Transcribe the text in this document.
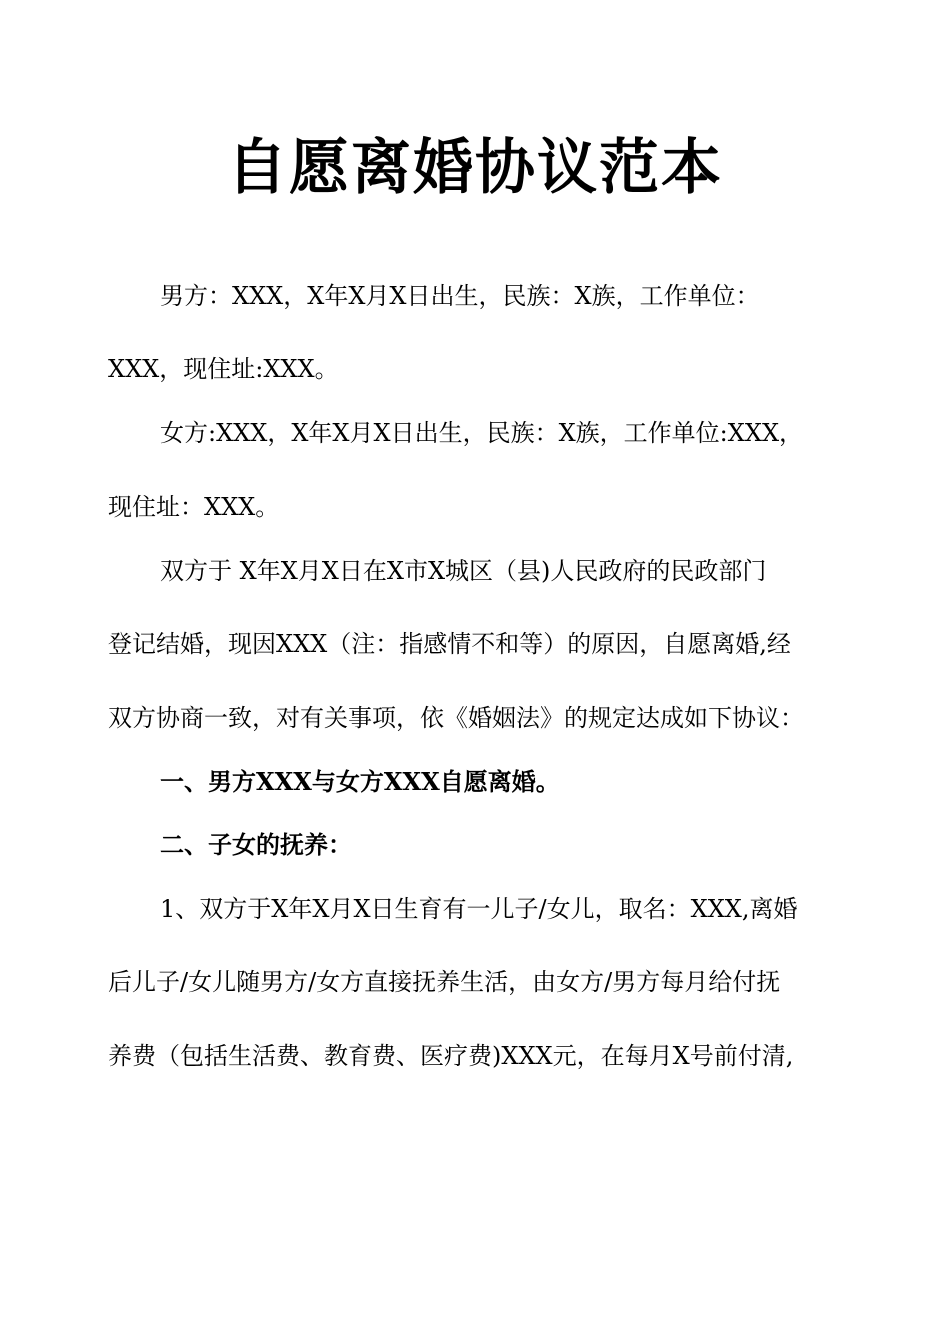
自愿离婚协议范本

男方：XXX，X年X月X日出生，民族：X族，工作单位：

XXX，现住址:XXX。

女方:XXX，X年X月X日出生，民族：X族，工作单位:XXX，

现住址：XXX。

双方于 X年X月X日在X市X城区（县)人民政府的民政部门

登记结婚，现因XXX（注：指感情不和等）的原因，自愿离婚,经

双方协商一致，对有关事项，依《婚姻法》的规定达成如下协议：

一、男方XXX与女方XXX自愿离婚。

二、子女的抚养：

1、双方于X年X月X日生育有一儿子/女儿，取名：XXX,离婚

后儿子/女儿随男方/女方直接抚养生活，由女方/男方每月给付抚

养费（包括生活费、教育费、医疗费)XXX元，在每月X号前付清,
